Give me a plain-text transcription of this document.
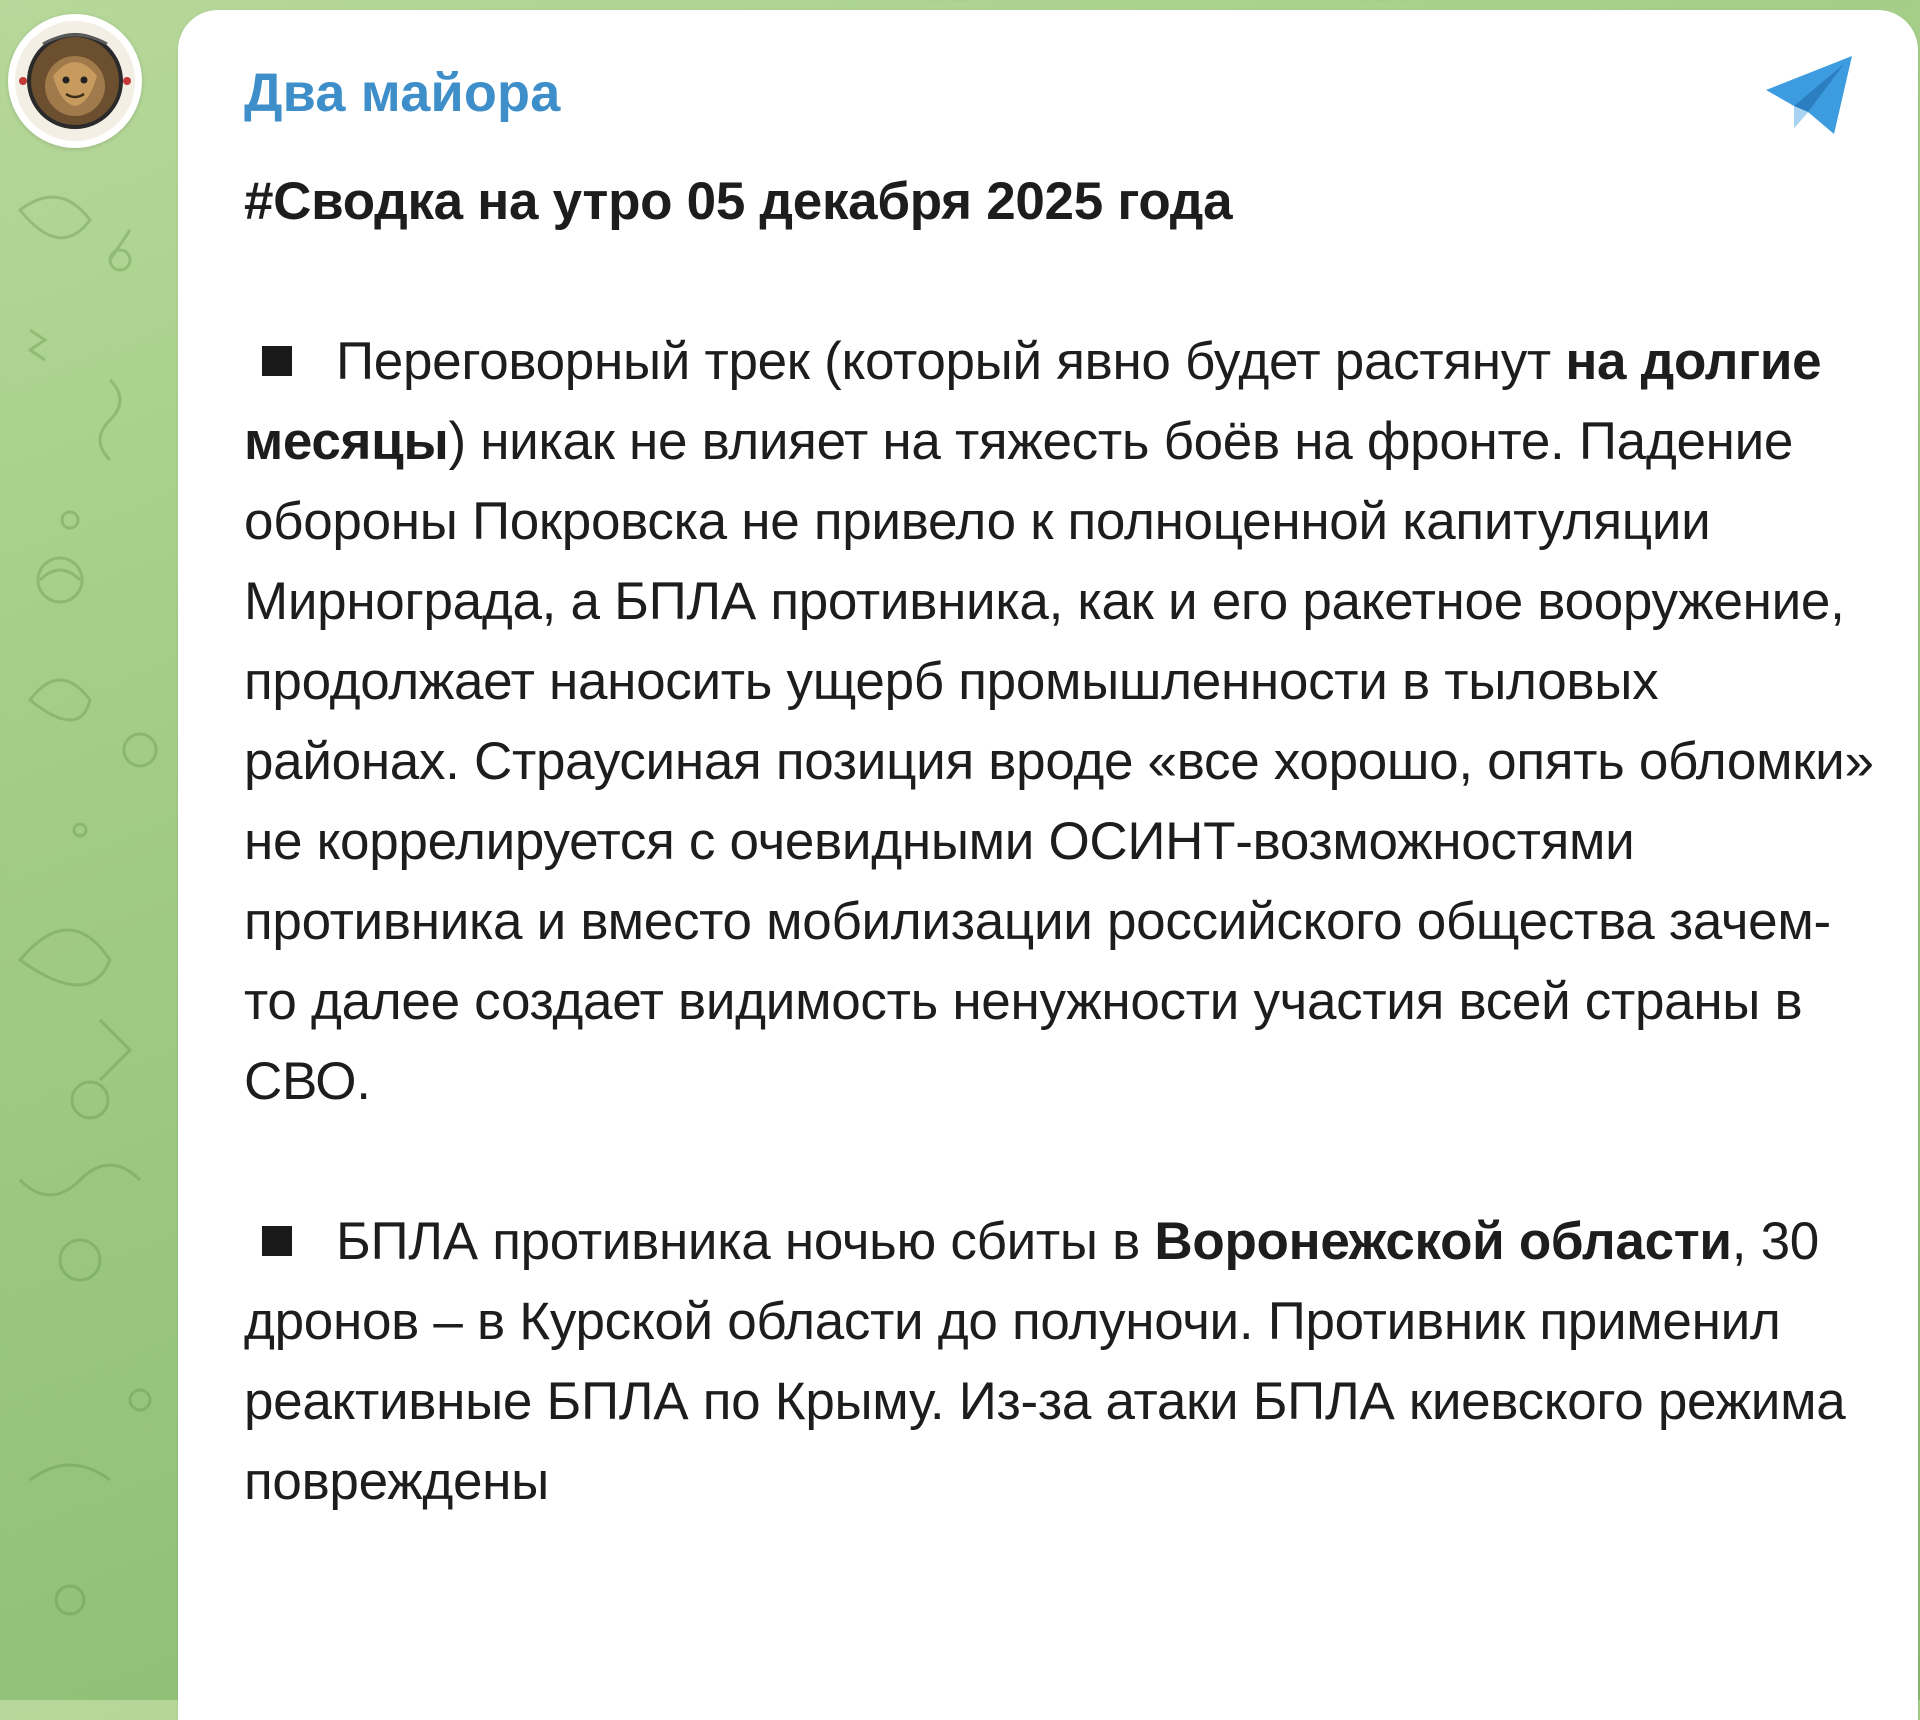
Два майора

#Сводка на утро 05 декабря 2025 года

Переговорный трек (который явно будет растянут на долгие месяцы) никак не влияет на тяжесть боёв на фронте. Падение обороны Покровска не привело к полноценной капитуляции Мирнограда, а БПЛА противника, как и его ракетное вооружение, продолжает наносить ущерб промышленности в тыловых районах. Страусиная позиция вроде «все хорошо, опять обломки» не коррелируется с очевидными ОСИНТ-возможностями противника и вместо мобилизации российского общества зачем-то далее создает видимость ненужности участия всей страны в СВО.

БПЛА противника ночью сбиты в Воронежской области, 30 дронов – в Курской области до полуночи. Противник применил реактивные БПЛА по Крыму. Из-за атаки БПЛА киевского режима повреждены
